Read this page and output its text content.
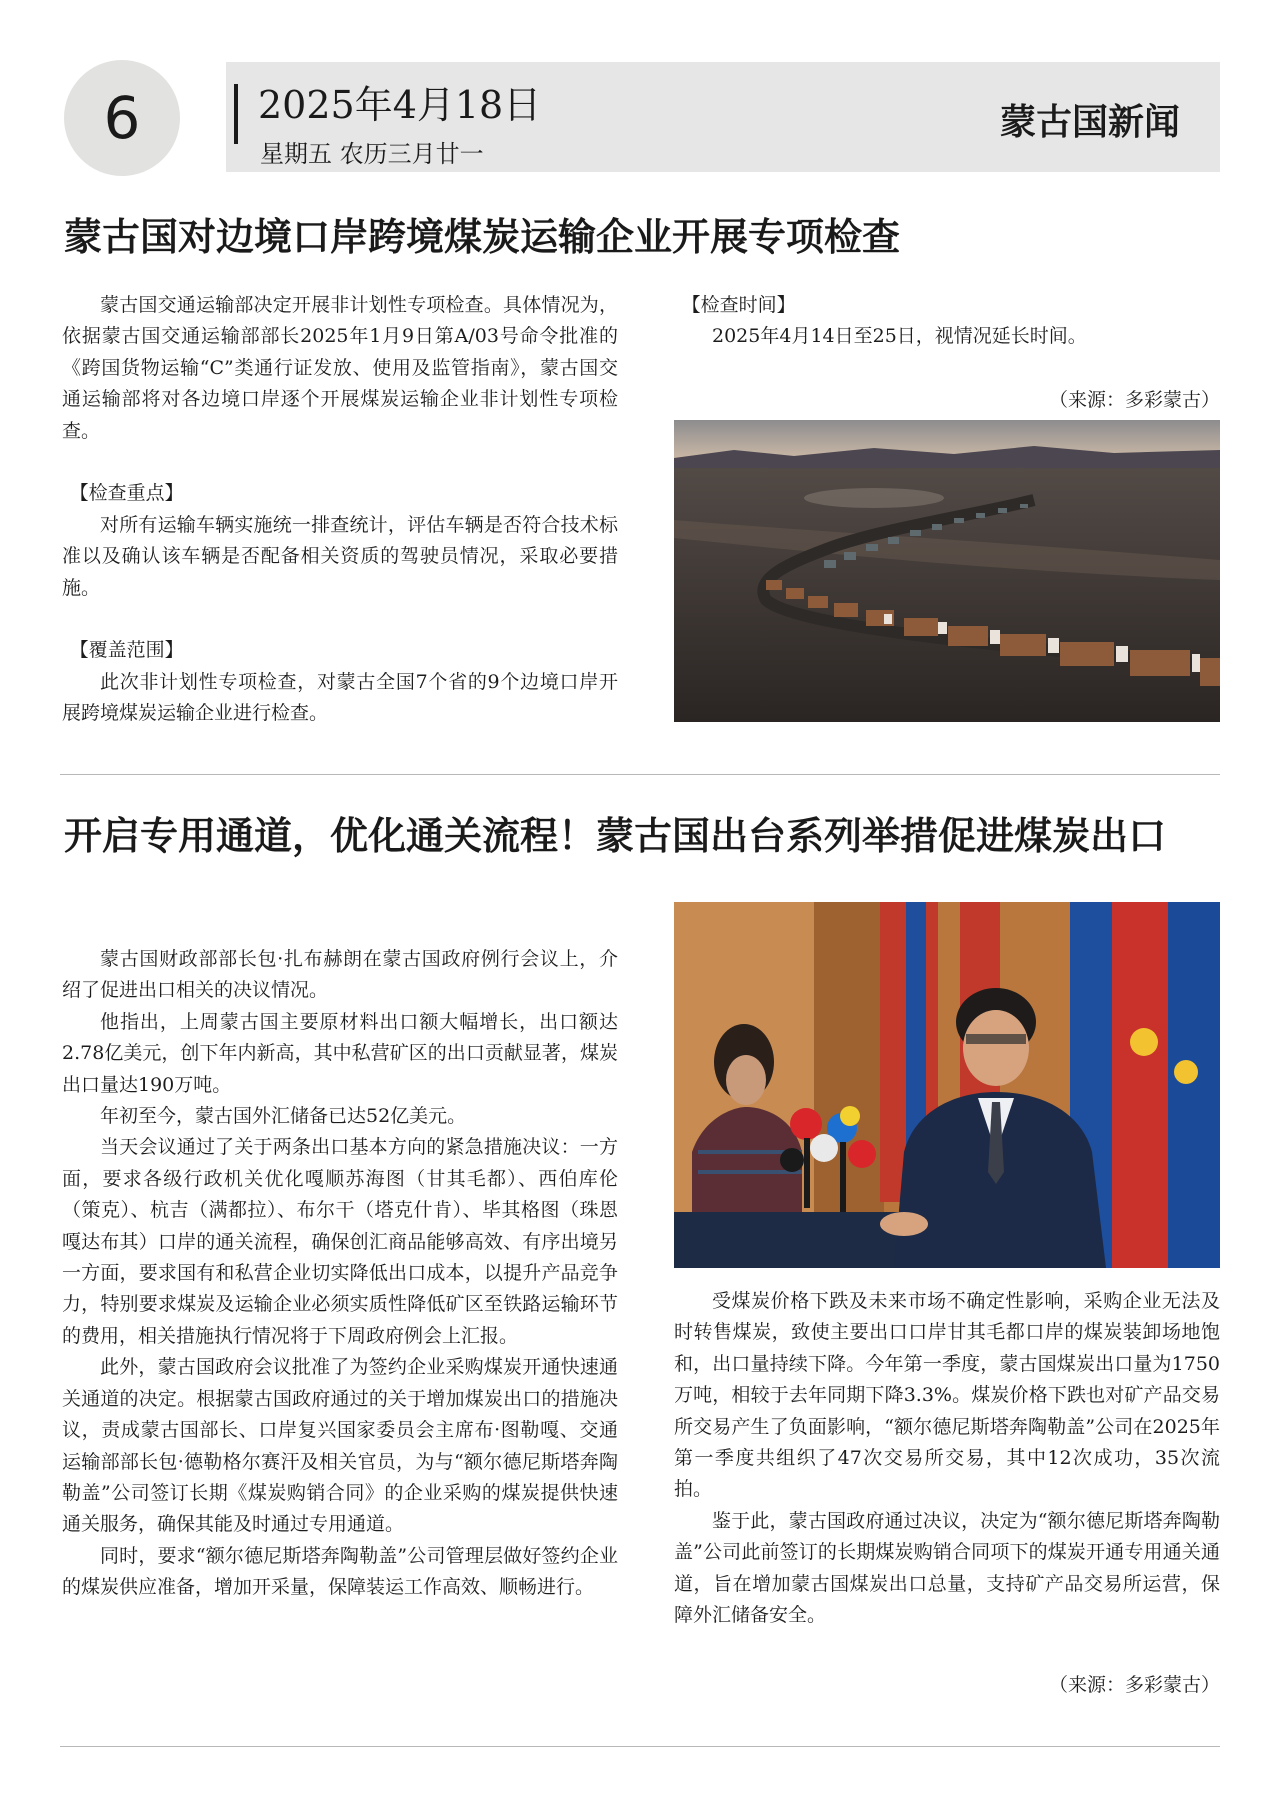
6	2025年4月18日
星期五 农历三月廿一
蒙古国新闻
蒙古国对边境口岸跨境煤炭运输企业开展专项检查

蒙古国交通运输部决定开展非计划性专项检查。具体情况为，依据蒙古国交通运输部部长2025年1月9日第A/03号命令批准的《跨国货物运输“C”类通行证发放、使用及监管指南》，蒙古国交通运输部将对各边境口岸逐个开展煤炭运输企业非计划性专项检查。

【检查重点】

对所有运输车辆实施统一排查统计，评估车辆是否符合技术标准以及确认该车辆是否配备相关资质的驾驶员情况，采取必要措施。

【覆盖范围】

此次非计划性专项检查，对蒙古全国7个省的9个边境口岸开展跨境煤炭运输企业进行检查。

【检查时间】

2025年4月14日至25日，视情况延长时间。

（来源：多彩蒙古）
开启专用通道，优化通关流程！蒙古国出台系列举措促进煤炭出口

蒙古国财政部部长包·扎布赫朗在蒙古国政府例行会议上，介绍了促进出口相关的决议情况。

他指出，上周蒙古国主要原材料出口额大幅增长，出口额达2.78亿美元，创下年内新高，其中私营矿区的出口贡献显著，煤炭出口量达190万吨。

年初至今，蒙古国外汇储备已达52亿美元。

当天会议通过了关于两条出口基本方向的紧急措施决议：一方面，要求各级行政机关优化嘎顺苏海图（甘其毛都）、西伯库伦（策克）、杭吉（满都拉）、布尔干（塔克什肯）、毕其格图（珠恩嘎达布其）口岸的通关流程，确保创汇商品能够高效、有序出境另一方面，要求国有和私营企业切实降低出口成本，以提升产品竞争力，特别要求煤炭及运输企业必须实质性降低矿区至铁路运输环节的费用，相关措施执行情况将于下周政府例会上汇报。

此外，蒙古国政府会议批准了为签约企业采购煤炭开通快速通关通道的决定。根据蒙古国政府通过的关于增加煤炭出口的措施决议，责成蒙古国部长、口岸复兴国家委员会主席布·图勒嘎、交通运输部部长包·德勒格尔赛汗及相关官员，为与“额尔德尼斯塔奔陶勒盖”公司签订长期《煤炭购销合同》的企业采购的煤炭提供快速通关服务，确保其能及时通过专用通道。

同时，要求“额尔德尼斯塔奔陶勒盖”公司管理层做好签约企业的煤炭供应准备，增加开采量，保障装运工作高效、顺畅进行。

受煤炭价格下跌及未来市场不确定性影响，采购企业无法及时转售煤炭，致使主要出口口岸甘其毛都口岸的煤炭装卸场地饱和，出口量持续下降。今年第一季度，蒙古国煤炭出口量为1750万吨，相较于去年同期下降3.3%。煤炭价格下跌也对矿产品交易所交易产生了负面影响，“额尔德尼斯塔奔陶勒盖”公司在2025年第一季度共组织了47次交易所交易，其中12次成功，35次流拍。

鉴于此，蒙古国政府通过决议，决定为“额尔德尼斯塔奔陶勒盖”公司此前签订的长期煤炭购销合同项下的煤炭开通专用通关通道，旨在增加蒙古国煤炭出口总量，支持矿产品交易所运营，保障外汇储备安全。

（来源：多彩蒙古）
